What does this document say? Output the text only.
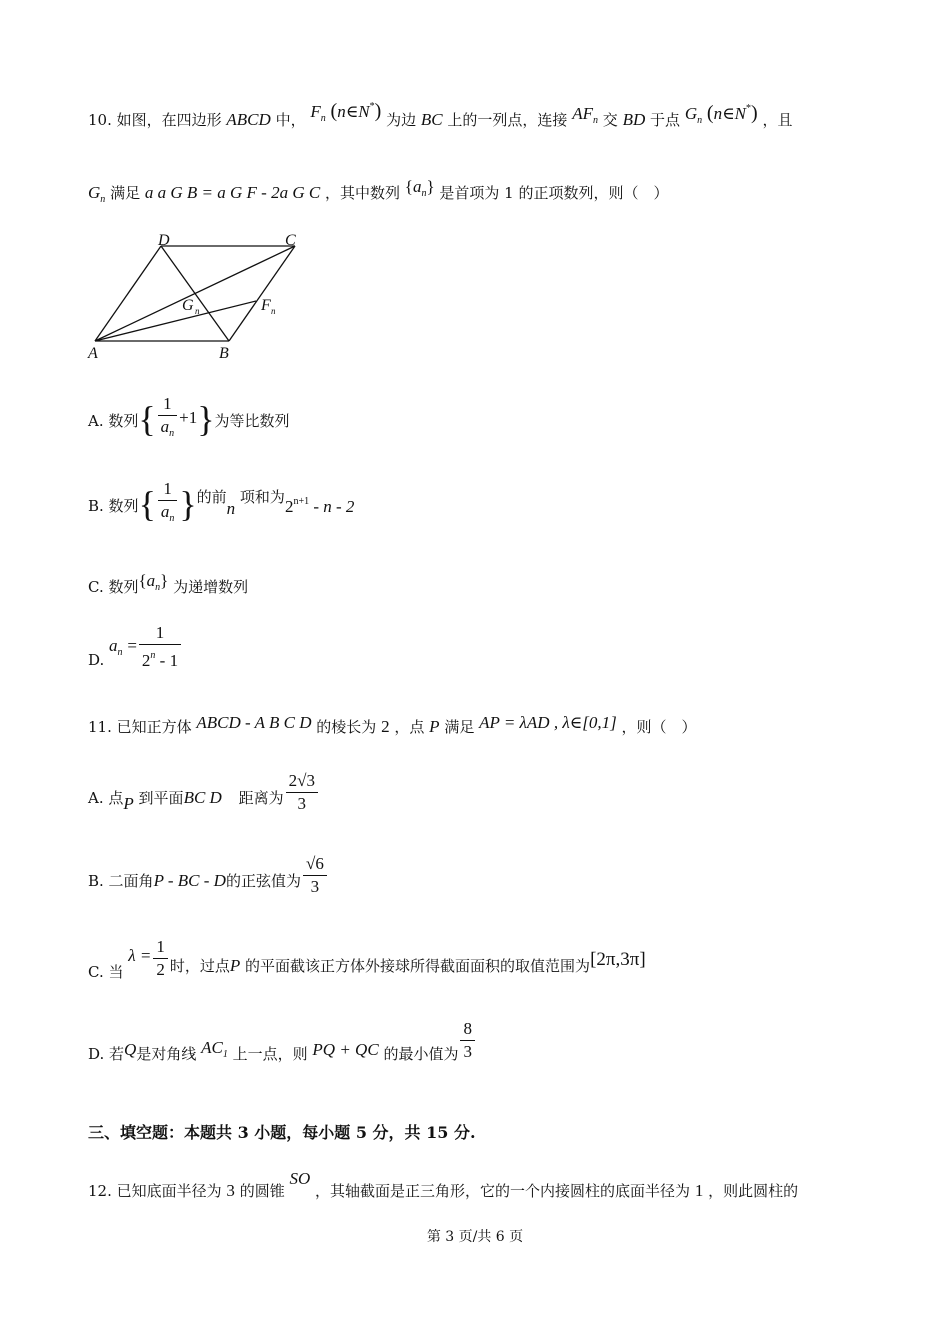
10. 如图，在四边形 ABCD 中， $F_n$ (n∈N*) 为边 BC 上的一列点，连接 $AF_n$ 交 BD 于点 $G_n$ (n∈N*) ，且
$G_n$ 满足 a a G B = a G F - 2a G C ，其中数列 $\{a_n\}$ 是首项为 1 的正项数列，则（　）
D	C
G n	F n
A	B
A. 数列{ $\frac{1}{a_n} +1$}为等比数列
B. 数列{ $\frac{1}{a_n}$ }的前n 项和为$2^{n+1}$ - n - 2
C. 数列$\{a_n\}$ 为递增数列
D. $a_n = \frac{1}{2^n - 1}$
11. 已知正方体 ABCD - A B C D 的棱长为 2 ，点 P 满足 AP = λAD , λ∈[0,1] ，则（　）
A. 点P 到平面BC D 距离为 $\frac{2√3}{3}$
B. 二面角P - BC - D的正弦值为 $\frac{√6}{3}$
C. 当 $\lambda = \frac{1}{2}$ 时，过点P 的平面截该正方体外接球所得截面面积的取值范围为[2π,3π]
D. 若Q是对角线 $AC_1$ 上一点，则 PQ + QC 的最小值为 $\frac{8}{3}$
三、填空题：本题共 3 小题，每小题 5 分，共 15 分.
12. 已知底面半径为 3 的圆锥 SO ，其轴截面是正三角形，它的一个内接圆柱的底面半径为 1 ，则此圆柱的
第 3 页/共 6 页
